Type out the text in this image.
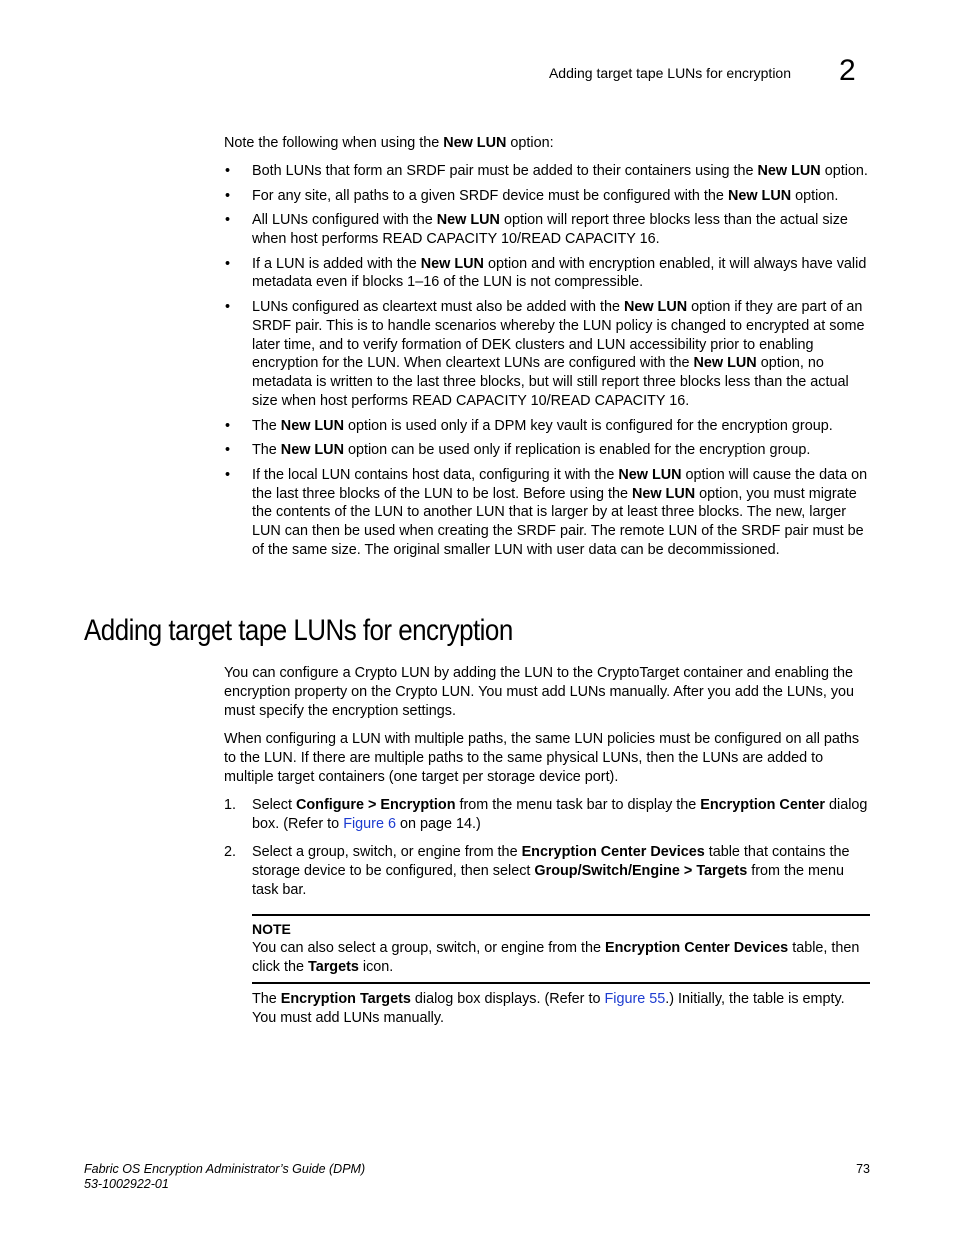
Adding target tape LUNs for encryption 2

Note the following when using the New LUN option:

• Both LUNs that form an SRDF pair must be added to their containers using the New LUN option.
• For any site, all paths to a given SRDF device must be configured with the New LUN option.
• All LUNs configured with the New LUN option will report three blocks less than the actual size when host performs READ CAPACITY 10/READ CAPACITY 16.
• If a LUN is added with the New LUN option and with encryption enabled, it will always have valid metadata even if blocks 1–16 of the LUN is not compressible.
• LUNs configured as cleartext must also be added with the New LUN option if they are part of an SRDF pair. This is to handle scenarios whereby the LUN policy is changed to encrypted at some later time, and to verify formation of DEK clusters and LUN accessibility prior to enabling encryption for the LUN. When cleartext LUNs are configured with the New LUN option, no metadata is written to the last three blocks, but will still report three blocks less than the actual size when host performs READ CAPACITY 10/READ CAPACITY 16.
• The New LUN option is used only if a DPM key vault is configured for the encryption group.
• The New LUN option can be used only if replication is enabled for the encryption group.
• If the local LUN contains host data, configuring it with the New LUN option will cause the data on the last three blocks of the LUN to be lost. Before using the New LUN option, you must migrate the contents of the LUN to another LUN that is larger by at least three blocks. The new, larger LUN can then be used when creating the SRDF pair. The remote LUN of the SRDF pair must be of the same size. The original smaller LUN with user data can be decommissioned.
Adding target tape LUNs for encryption

You can configure a Crypto LUN by adding the LUN to the CryptoTarget container and enabling the encryption property on the Crypto LUN. You must add LUNs manually. After you add the LUNs, you must specify the encryption settings.

When configuring a LUN with multiple paths, the same LUN policies must be configured on all paths to the LUN. If there are multiple paths to the same physical LUNs, then the LUNs are added to multiple target containers (one target per storage device port).

1. Select Configure > Encryption from the menu task bar to display the Encryption Center dialog box. (Refer to Figure 6 on page 14.)
2. Select a group, switch, or engine from the Encryption Center Devices table that contains the storage device to be configured, then select Group/Switch/Engine > Targets from the menu task bar.
NOTE
You can also select a group, switch, or engine from the Encryption Center Devices table, then click the Targets icon.

The Encryption Targets dialog box displays. (Refer to Figure 55.) Initially, the table is empty. You must add LUNs manually.

Fabric OS Encryption Administrator’s Guide (DPM)
53-1002922-01
73
